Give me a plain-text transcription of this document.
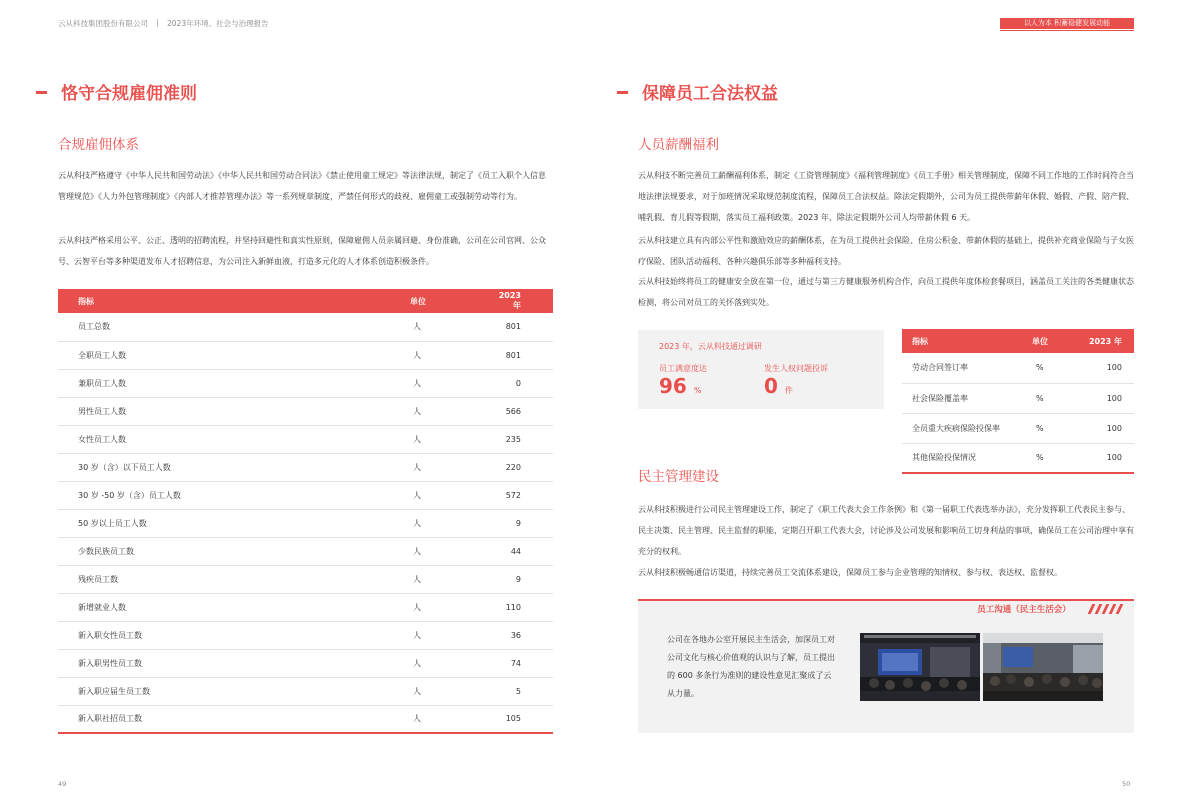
云从科技集团股份有限公司	2023年环境、社会与治理报告	以人为本 积蓄稳健发展动能
恪守合规雇佣准则
合规雇佣体系

云从科技严格遵守《中华人民共和国劳动法》《中华人民共和国劳动合同法》《禁止使用童工规定》等法律法规，制定了《员工入职个人信息管理规范》《人力外包管理制度》《内部人才推荐管理办法》等一系列规章制度，严禁任何形式的歧视、雇佣童工或强制劳动等行为。

云从科技严格采用公平、公正、透明的招聘流程，并坚持回避性和真实性原则，保障雇佣人员亲属回避、身份准确，公司在公司官网、公众号、云智平台等多种渠道发布人才招聘信息，为公司注入新鲜血液，打造多元化的人才体系创造积极条件。

指标	单位	2023 年
员工总数	人	801
全职员工人数	人	801
兼职员工人数	人	0
男性员工人数	人	566
女性员工人数	人	235
30 岁（含）以下员工人数	人	220
30 岁 -50 岁（含）员工人数	人	572
50 岁以上员工人数	人	9
少数民族员工数	人	44
残疾员工数	人	9
新增就业人数	人	110
新入职女性员工数	人	36
新入职男性员工数	人	74
新入职应届生员工数	人	5
新入职社招员工数	人	105
49
保障员工合法权益
人员薪酬福利

云从科技不断完善员工薪酬福利体系，制定《工资管理制度》《福利管理制度》《员工手册》相关管理制度，保障不同工作地的工作时间符合当地法律法规要求，对于加班情况采取规范制度流程，保障员工合法权益。除法定假期外，公司为员工提供带薪年休假、婚假、产假、陪产假、哺乳假、育儿假等假期，落实员工福利政策。2023 年，除法定假期外公司人均带薪休假 6 天。

云从科技建立具有内部公平性和激励效应的薪酬体系，在为员工提供社会保险、住房公积金、带薪休假的基础上，提供补充商业保险与子女医疗保险、团队活动福利、各种兴趣俱乐部等多种福利支持。

云从科技始终将员工的健康安全放在第一位，通过与第三方健康服务机构合作，向员工提供年度体检套餐项目，涵盖员工关注的各类健康状态检测，将公司对员工的关怀落到实处。

2023 年，云从科技通过调研
员工满意度达
96 %
发生人权问题投诉
0 件
指标	单位	2023 年
劳动合同签订率	%	100
社会保险覆盖率	%	100
全员重大疾病保险投保率	%	100
其他保险投保情况	%	100
民主管理建设

云从科技积极进行公司民主管理建设工作，制定了《职工代表大会工作条例》和《第一届职工代表选举办法》，充分发挥职工代表民主参与、民主决策、民主管理、民主监督的职能，定期召开职工代表大会，讨论涉及公司发展和影响员工切身利益的事项，确保员工在公司治理中享有充分的权利。

云从科技积极畅通信访渠道，持续完善员工交流体系建设，保障员工参与企业管理的知情权、参与权、表达权、监督权。

员工沟通（民主生活会）

公司在各地办公室开展民主生活会，加深员工对公司文化与核心价值观的认识与了解，员工提出的 600 多条行为准则的建设性意见汇聚成了云从力量。

50
